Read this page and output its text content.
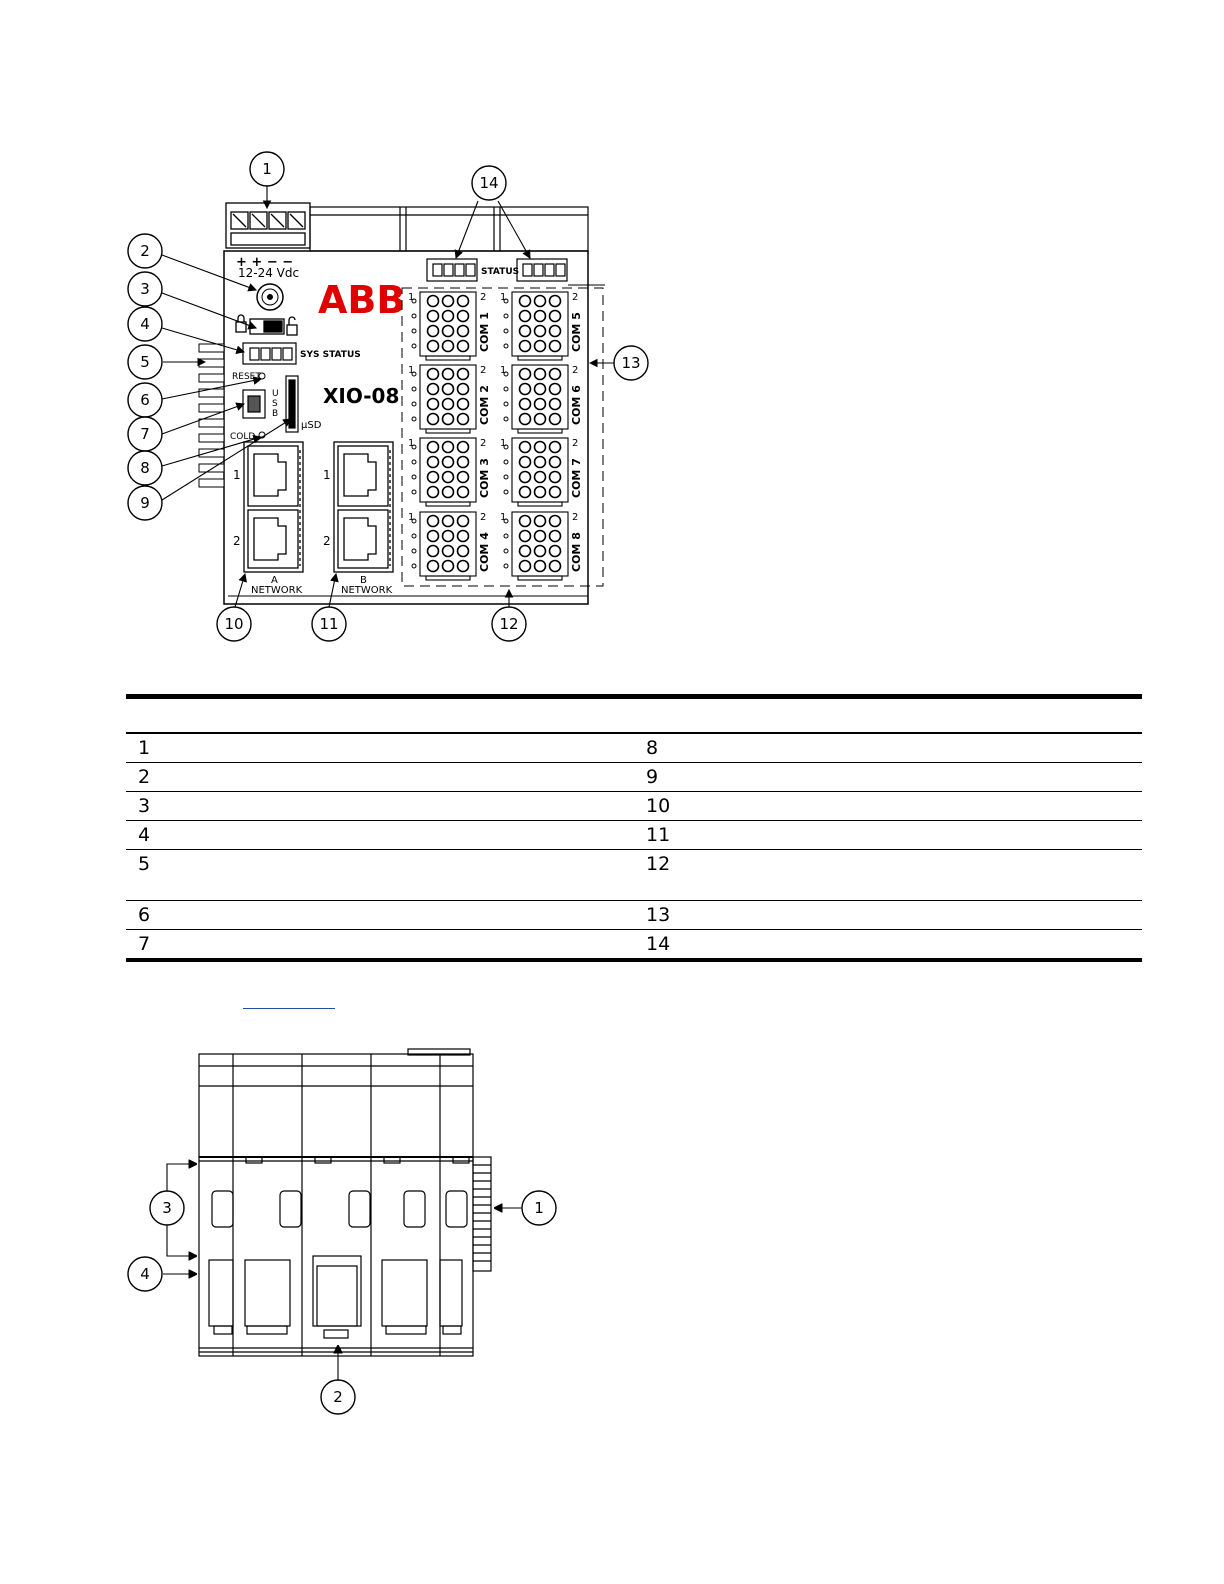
+ + − −
12-24 Vdc
SYS STATUS
ABB
XIO-08
RESET
U
S
B
µSD
COLD
1
2
A
NETWORK
1
2
B
NETWORK
STATUS
1	2
COM 1
1	2
COM 2
1	2
COM 3
1	2
COM 4
1	2
COM 5
1	2
COM 6
1	2
COM 7
1	2
COM 8
1
2
3
4
5
6
7
8
9
10	11	12
13
14
1	8
2	9
3	10
4	11
5	12
6	13
7	14
1
2
3
4
